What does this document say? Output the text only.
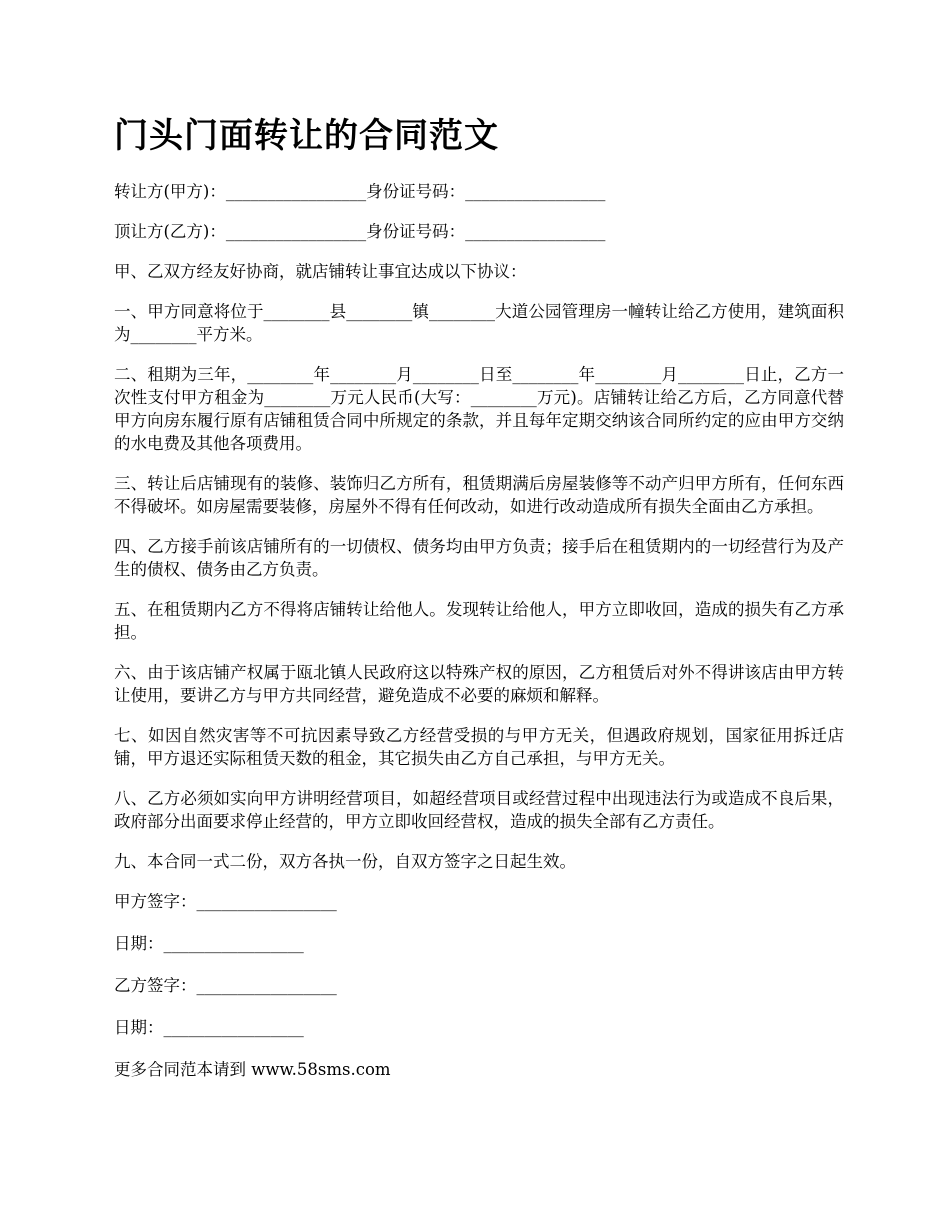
门头门面转让的合同范文

转让方(甲方)：_________________身份证号码：_________________

顶让方(乙方)：_________________身份证号码：_________________

甲、乙双方经友好协商，就店铺转让事宜达成以下协议：

一、甲方同意将位于________县________镇________大道公园管理房一幢转让给乙方使用，建筑面积为________平方米。

二、租期为三年，________年________月________日至________年________月________日止，乙方一次性支付甲方租金为________万元人民币(大写：________万元)。店铺转让给乙方后，乙方同意代替甲方向房东履行原有店铺租赁合同中所规定的条款，并且每年定期交纳该合同所约定的应由甲方交纳的水电费及其他各项费用。

三、转让后店铺现有的装修、装饰归乙方所有，租赁期满后房屋装修等不动产归甲方所有，任何东西不得破坏。如房屋需要装修，房屋外不得有任何改动，如进行改动造成所有损失全面由乙方承担。

四、乙方接手前该店铺所有的一切债权、债务均由甲方负责；接手后在租赁期内的一切经营行为及产生的债权、债务由乙方负责。

五、在租赁期内乙方不得将店铺转让给他人。发现转让给他人，甲方立即收回，造成的损失有乙方承担。

六、由于该店铺产权属于瓯北镇人民政府这以特殊产权的原因，乙方租赁后对外不得讲该店由甲方转让使用，要讲乙方与甲方共同经营，避免造成不必要的麻烦和解释。

七、如因自然灾害等不可抗因素导致乙方经营受损的与甲方无关，但遇政府规划，国家征用拆迁店铺，甲方退还实际租赁天数的租金，其它损失由乙方自己承担，与甲方无关。

八、乙方必须如实向甲方讲明经营项目，如超经营项目或经营过程中出现违法行为或造成不良后果，政府部分出面要求停止经营的，甲方立即收回经营权，造成的损失全部有乙方责任。

九、本合同一式二份，双方各执一份，自双方签字之日起生效。

甲方签字：_________________

日期：_________________

乙方签字：_________________

日期：_________________

更多合同范本请到 www.58sms.com
